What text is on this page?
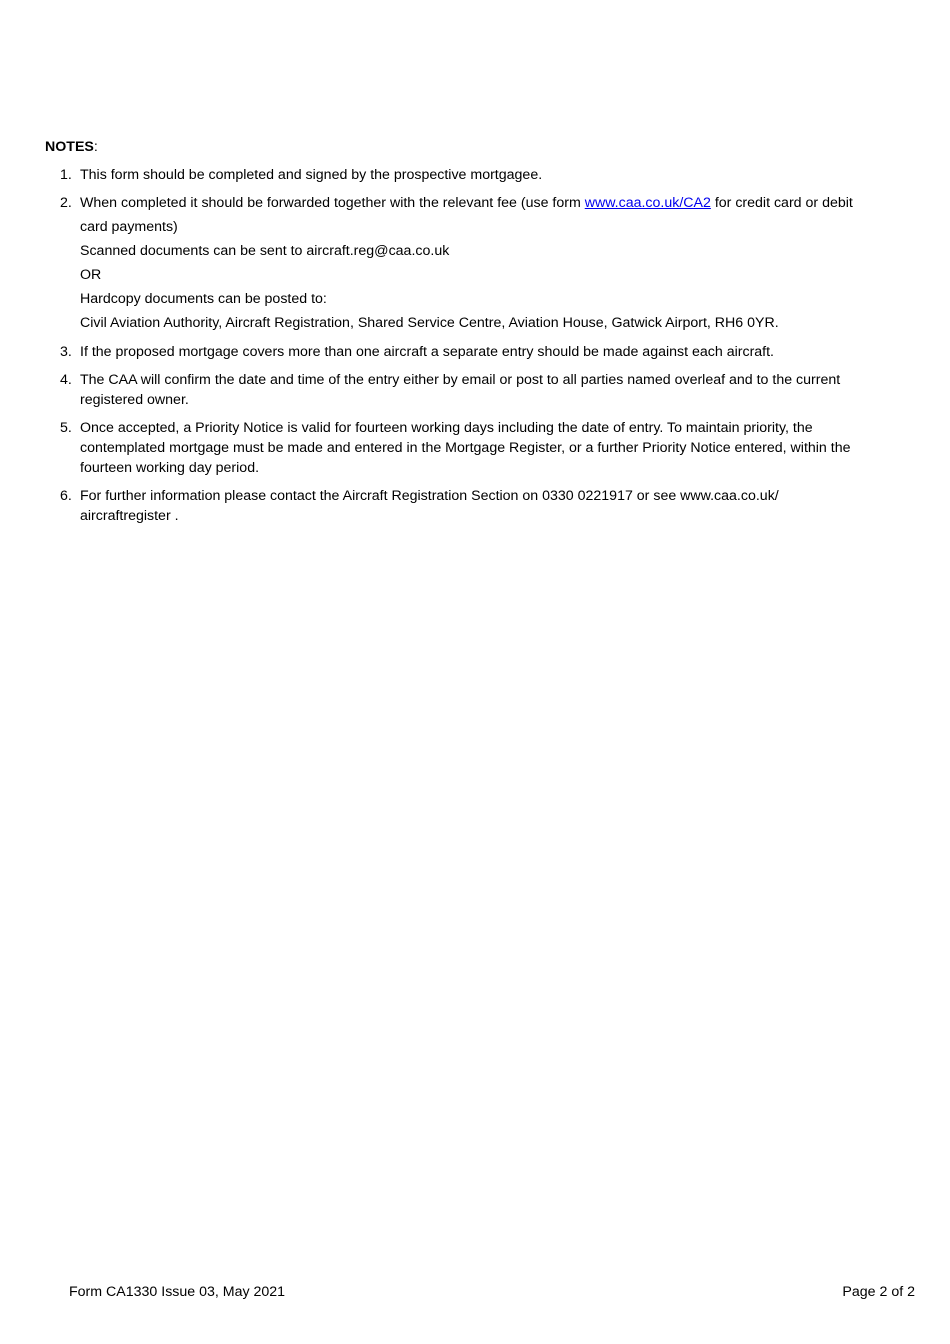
NOTES:
1. This form should be completed and signed by the prospective mortgagee.
2. When completed it should be forwarded together with the relevant fee (use form www.caa.co.uk/CA2 for credit card or debit
card payments)
Scanned documents can be sent to aircraft.reg@caa.co.uk
OR
Hardcopy documents can be posted to:
Civil Aviation Authority, Aircraft Registration, Shared Service Centre, Aviation House, Gatwick Airport, RH6 0YR.
3. If the proposed mortgage covers more than one aircraft a separate entry should be made against each aircraft.
4. The CAA will confirm the date and time of the entry either by email or post to all parties named overleaf and to the current
registered owner.
5. Once accepted, a Priority Notice is valid for fourteen working days including the date of entry. To maintain priority, the
contemplated mortgage must be made and entered in the Mortgage Register, or a further Priority Notice entered, within the
fourteen working day period.
6. For further information please contact the Aircraft Registration Section on 0330 0221917 or see www.caa.co.uk/
aircraftregister .
Form CA1330 Issue 03, May 2021	Page 2 of 2
